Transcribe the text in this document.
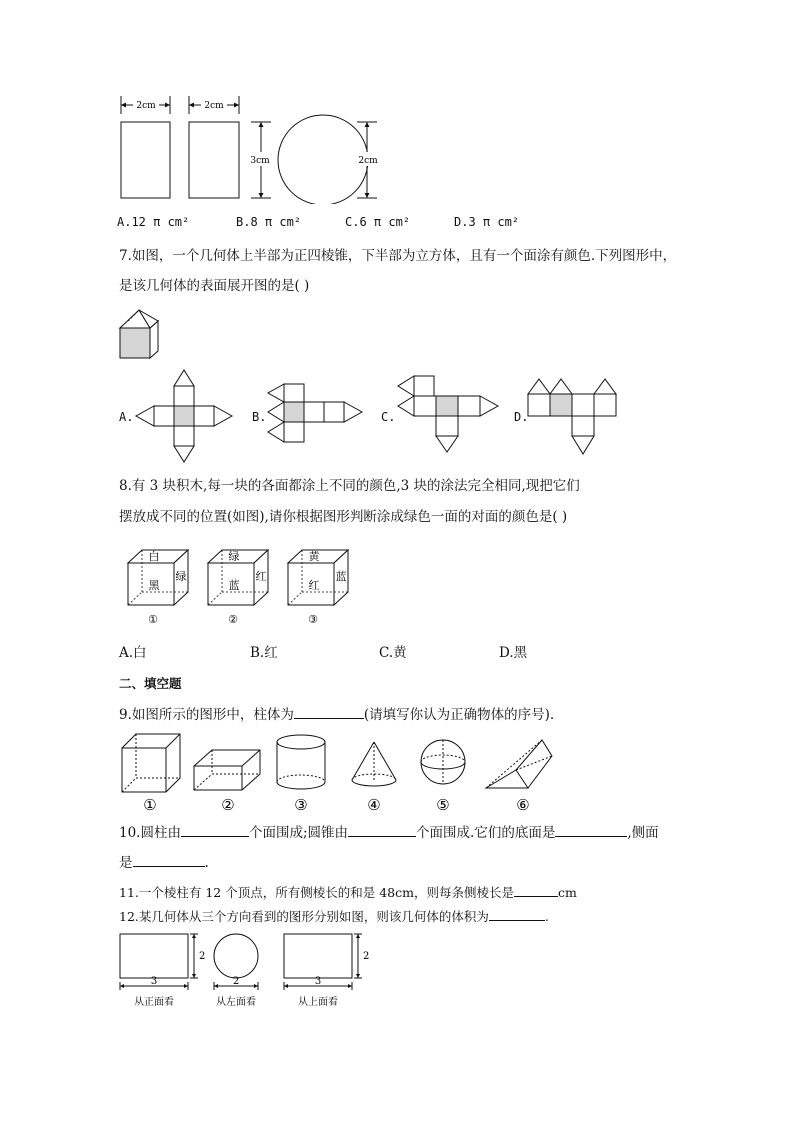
2cm	2cm
3cm	2cm
A.12 π cm²	B.8 π cm²	C.6 π cm²	D.3 π cm²
7.如图，一个几何体上半部为正四棱锥，下半部为立方体，且有一个面涂有颜色.下列图形中，
是该几何体的表面展开图的是( )
A.	B.	C.	D.
8.有 3 块积木,每一块的各面都涂上不同的颜色,3 块的涂法完全相同,现把它们
摆放成不同的位置(如图),请你根据图形判断涂成绿色一面的对面的颜色是( )
白
黑
绿
①
绿
蓝
红
②
黄
红
蓝
③
A.白	B.红	C.黄	D.黑
二、填空题
9.如图所示的图形中，柱体为	(请填写你认为正确物体的序号).
①	②	③	④	⑤	⑥
10.圆柱由	个面围成;圆锥由	个面围成.它们的底面是	,侧面
是	.
11.一个棱柱有 12 个顶点，所有侧棱长的和是 48cm，则每条侧棱长是	cm
12.某几何体从三个方向看到的图形分别如图，则该几何体的体积为	.
3
2
从正面看
2
从左面看
3
2
从上面看
